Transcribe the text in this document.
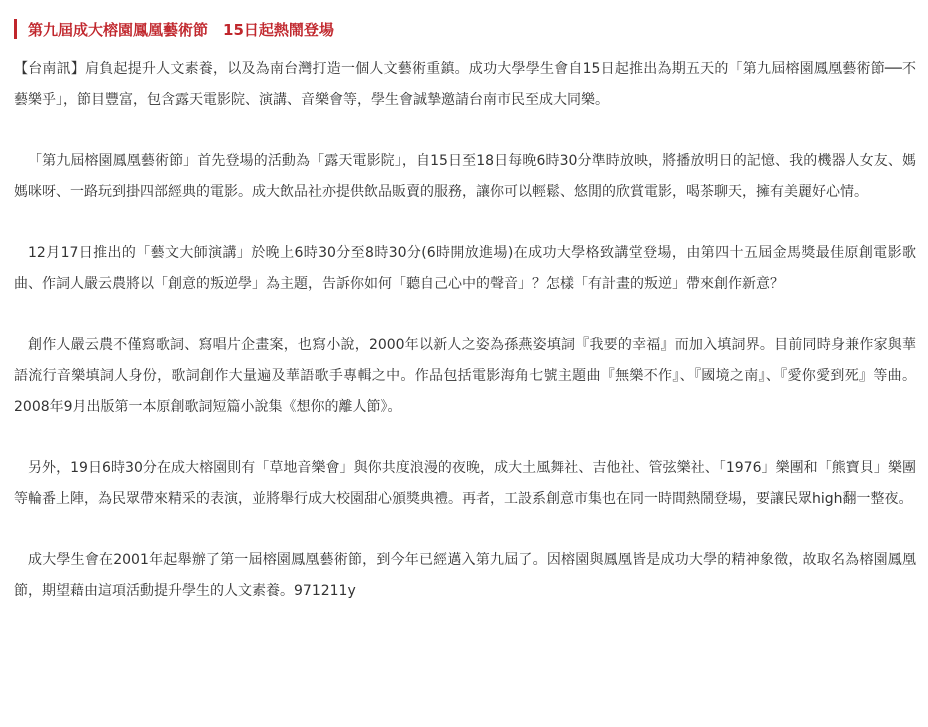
第九屆成大榕園鳳凰藝術節　15日起熱鬧登場

【台南訊】肩負起提升人文素養，以及為南台灣打造一個人文藝術重鎮。成功大學學生會自15日起推出為期五天的「第九屆榕園鳳凰藝術節──不藝樂乎」，節目豐富，包含露天電影院、演講、音樂會等，學生會誠摯邀請台南市民至成大同樂。

「第九屆榕園鳳凰藝術節」首先登場的活動為「露天電影院」，自15日至18日每晚6時30分準時放映，將播放明日的記憶、我的機器人女友、媽媽咪呀、一路玩到掛四部經典的電影。成大飲品社亦提供飲品販賣的服務，讓你可以輕鬆、悠閒的欣賞電影，喝茶聊天，擁有美麗好心情。

12月17日推出的「藝文大師演講」於晚上6時30分至8時30分(6時開放進場)在成功大學格致講堂登場，由第四十五屆金馬獎最佳原創電影歌曲、作詞人嚴云農將以「創意的叛逆學」為主題，告訴你如何「聽自己心中的聲音」？怎樣「有計畫的叛逆」帶來創作新意？

創作人嚴云農不僅寫歌詞、寫唱片企畫案，也寫小說，2000年以新人之姿為孫燕姿填詞『我要的幸福』而加入填詞界。目前同時身兼作家與華語流行音樂填詞人身份，歌詞創作大量遍及華語歌手專輯之中。作品包括電影海角七號主題曲『無樂不作』、『國境之南』、『愛你愛到死』等曲。2008年9月出版第一本原創歌詞短篇小說集《想你的離人節》。

另外，19日6時30分在成大榕園則有「草地音樂會」與你共度浪漫的夜晚，成大土風舞社、吉他社、管弦樂社、「1976」樂團和「熊寶貝」樂團等輪番上陣，為民眾帶來精采的表演，並將舉行成大校園甜心頒獎典禮。再者，工設系創意市集也在同一時間熱鬧登場，要讓民眾high翻一整夜。

成大學生會在2001年起舉辦了第一屆榕園鳳凰藝術節，到今年已經邁入第九屆了。因榕園與鳳凰皆是成功大學的精神象徵，故取名為榕園鳳凰節，期望藉由這項活動提升學生的人文素養。971211y
